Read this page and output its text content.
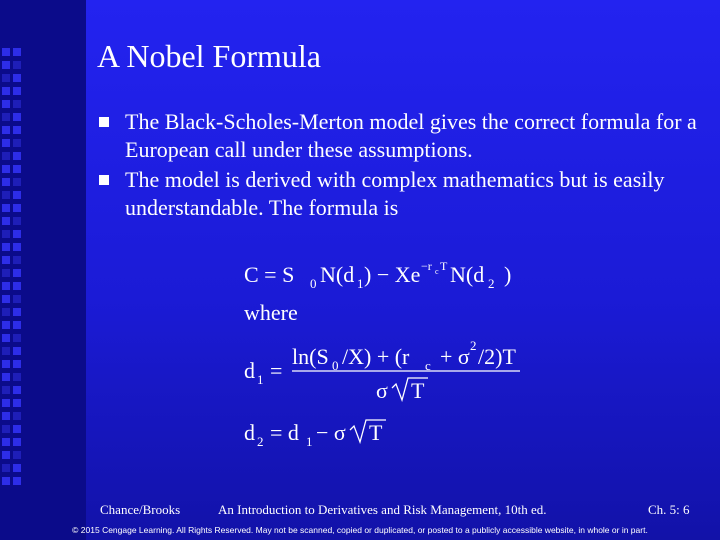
A Nobel Formula
The Black-Scholes-Merton model gives the correct formula for a European call under these assumptions.
The model is derived with complex mathematics but is easily understandable. The formula is
C = S 0 N(d 1 ) − Xe −r c T N(d 2 )
where
ln(S 0 /X) + (r c + σ 2 /2)T
d 1 =
σ T
d 2 = d 1 − σ T
Chance/Brooks	An Introduction to Derivatives and Risk Management, 10th ed.	Ch. 5: 6
© 2015 Cengage Learning. All Rights Reserved. May not be scanned, copied or duplicated, or posted to a publicly accessible website, in whole or in part.
